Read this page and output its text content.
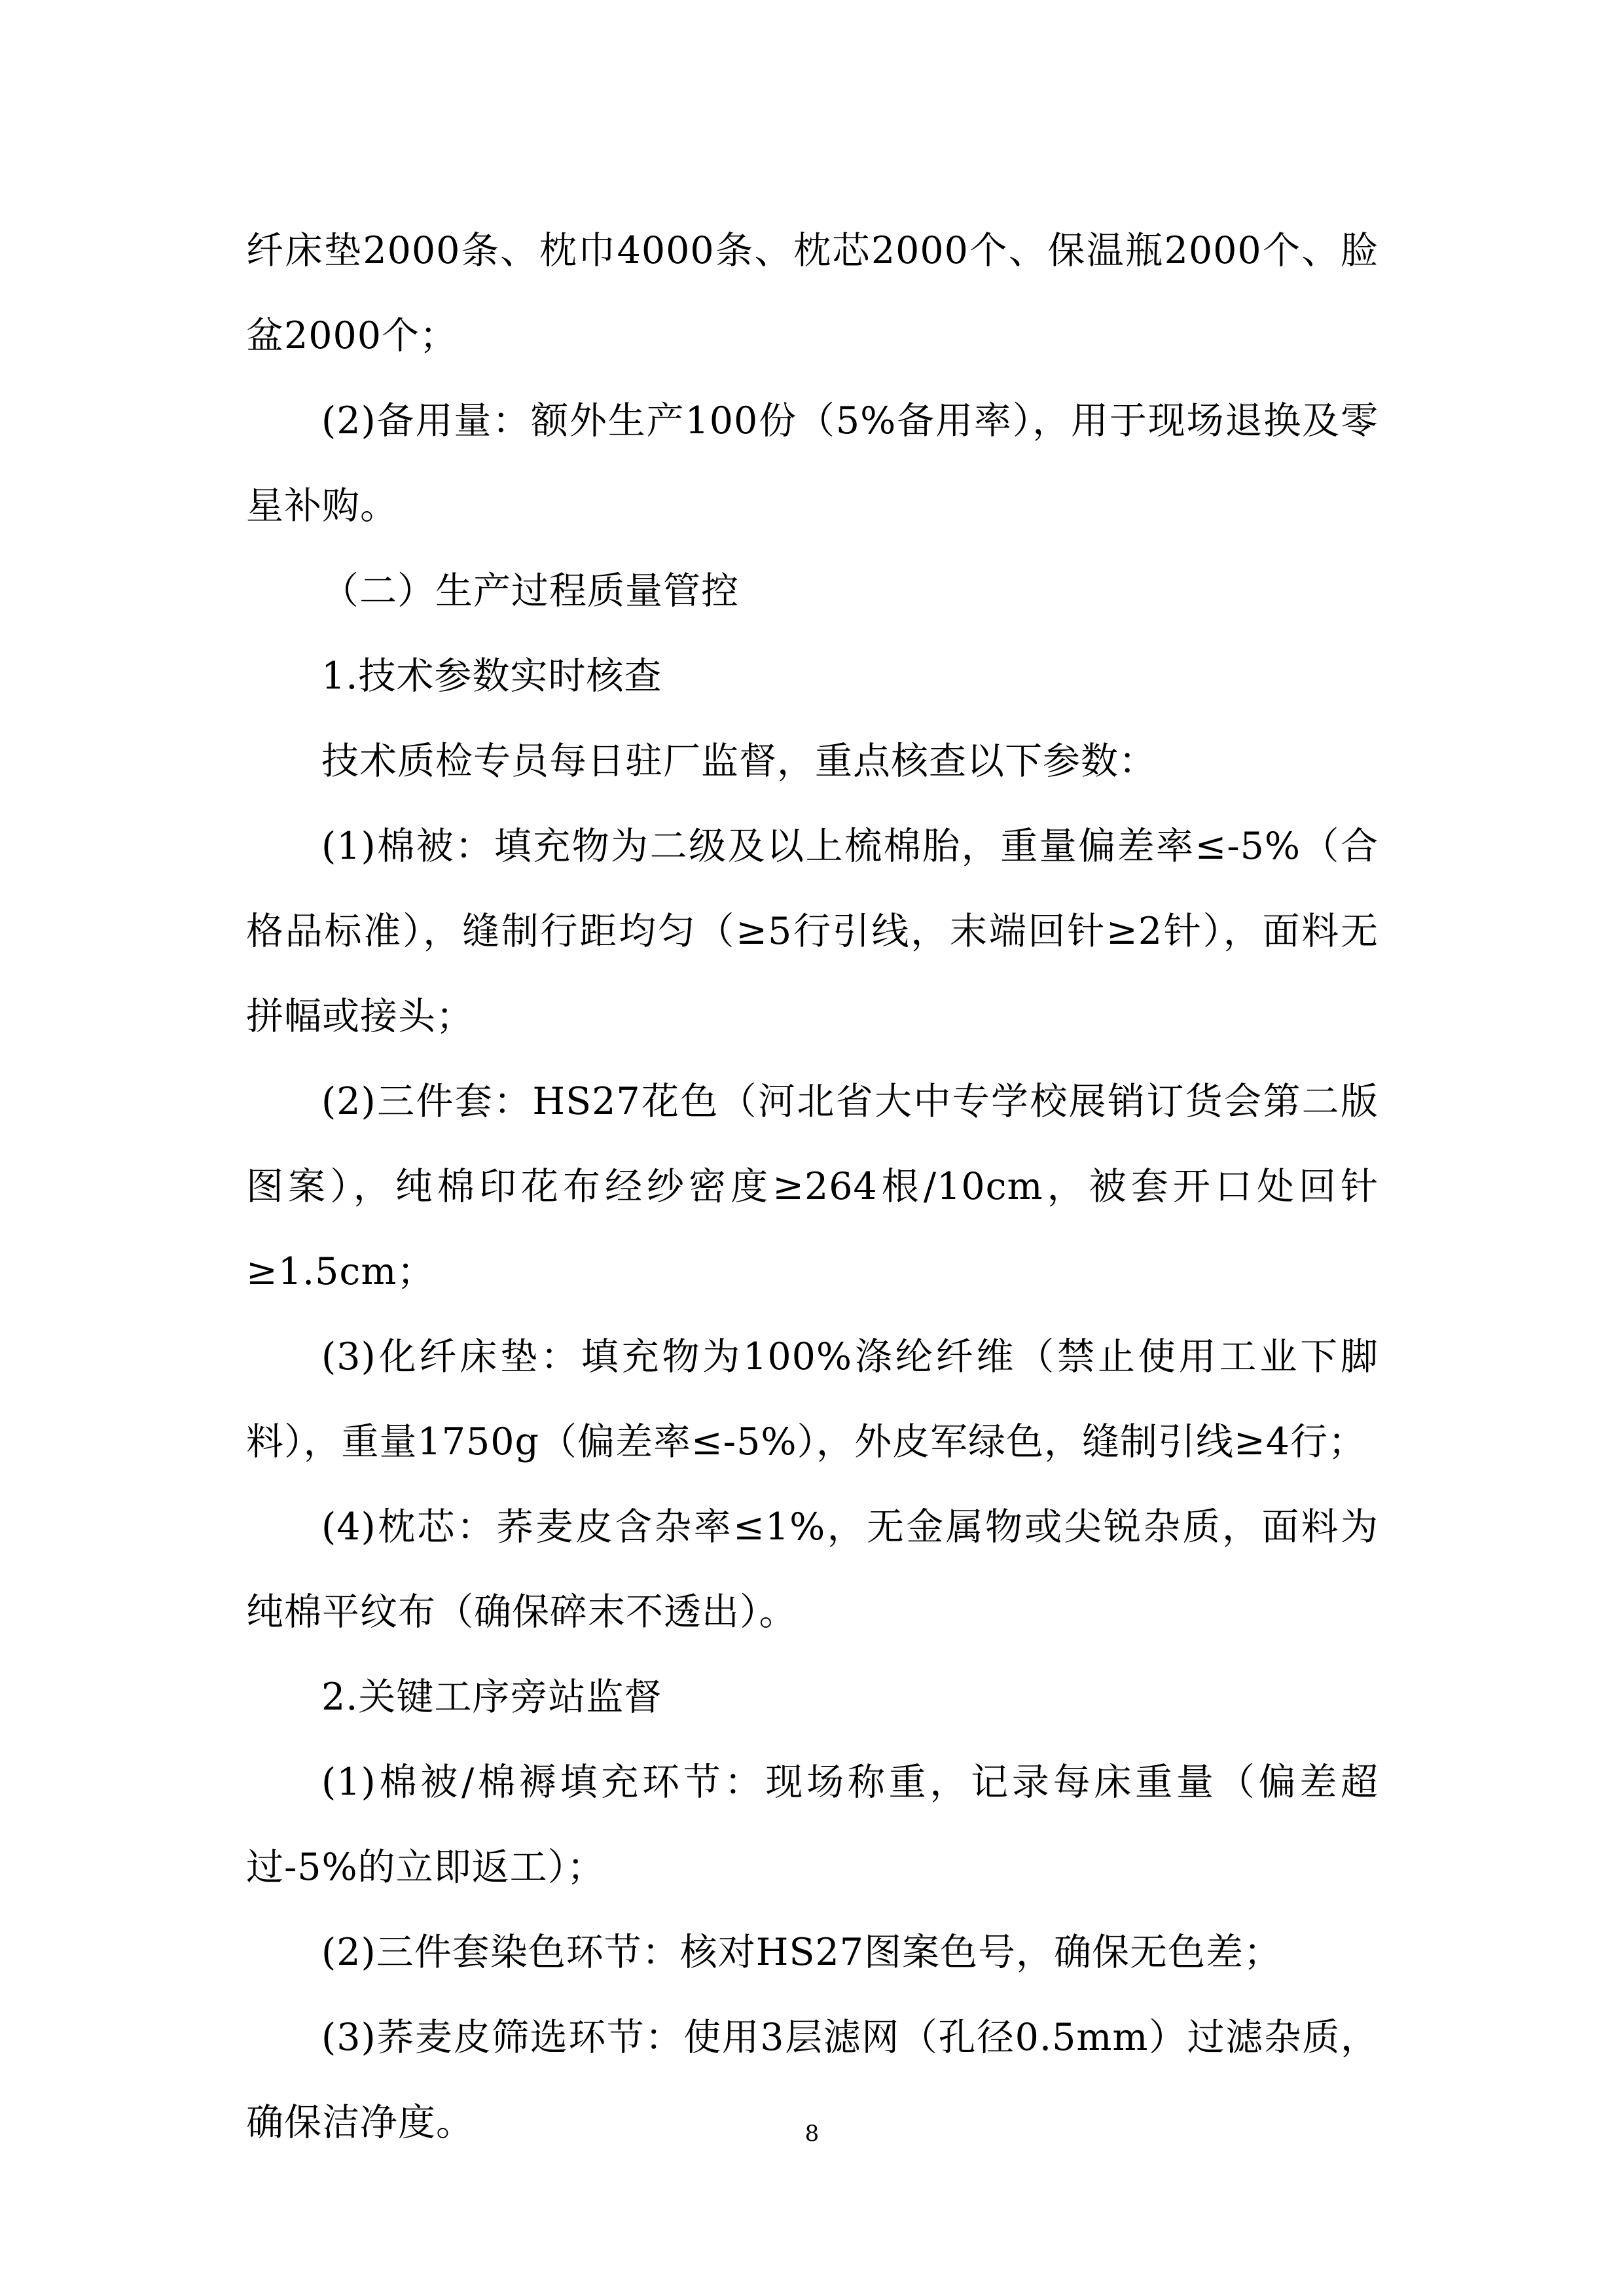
纤床垫2000条、枕巾4000条、枕芯2000个、保温瓶2000个、脸盆2000个；

(2)备用量：额外生产100份（5%备用率），用于现场退换及零星补购。

（二）生产过程质量管控

1.技术参数实时核查

技术质检专员每日驻厂监督，重点核查以下参数：

(1)棉被：填充物为二级及以上梳棉胎，重量偏差率≤-5%（合格品标准），缝制行距均匀（≥5行引线，末端回针≥2针），面料无拼幅或接头；

(2)三件套：HS27花色（河北省大中专学校展销订货会第二版图案），纯棉印花布经纱密度≥264根/10cm，被套开口处回针≥1.5cm；

(3)化纤床垫：填充物为100%涤纶纤维（禁止使用工业下脚料），重量1750g（偏差率≤-5%），外皮军绿色，缝制引线≥4行；

(4)枕芯：荞麦皮含杂率≤1%，无金属物或尖锐杂质，面料为纯棉平纹布（确保碎末不透出）。

2.关键工序旁站监督

(1)棉被/棉褥填充环节：现场称重，记录每床重量（偏差超过-5%的立即返工）；

(2)三件套染色环节：核对HS27图案色号，确保无色差；

(3)荞麦皮筛选环节：使用3层滤网（孔径0.5mm）过滤杂质，确保洁净度。	8
